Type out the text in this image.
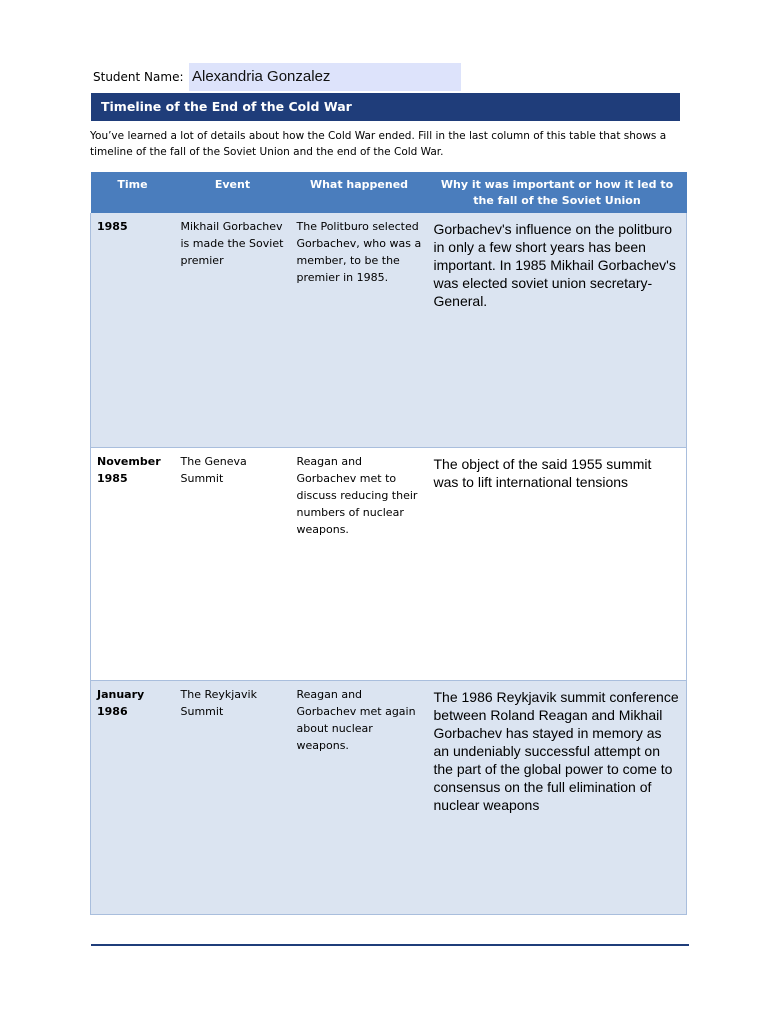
Student Name: Alexandria Gonzalez
Timeline of the End of the Cold War
You’ve learned a lot of details about how the Cold War ended. Fill in the last column of this table that shows a timeline of the fall of the Soviet Union and the end of the Cold War.
Time	Event	What happened	Why it was important or how it led to the fall of the Soviet Union
1985	Mikhail Gorbachev is made the Soviet premier	The Politburo selected Gorbachev, who was a member, to be the premier in 1985.	Gorbachev's influence on the politburo in only a few short years has been important. In 1985 Mikhail Gorbachev's was elected soviet union secretary-General.
November 1985	The Geneva Summit	Reagan and Gorbachev met to discuss reducing their numbers of nuclear weapons.	The object of the said 1955 summit was to lift international tensions
January 1986	The Reykjavik Summit	Reagan and Gorbachev met again about nuclear weapons.	The 1986 Reykjavik summit conference between Roland Reagan and Mikhail Gorbachev has stayed in memory as an undeniably successful attempt on the part of the global power to come to consensus on the full elimination of nuclear weapons
